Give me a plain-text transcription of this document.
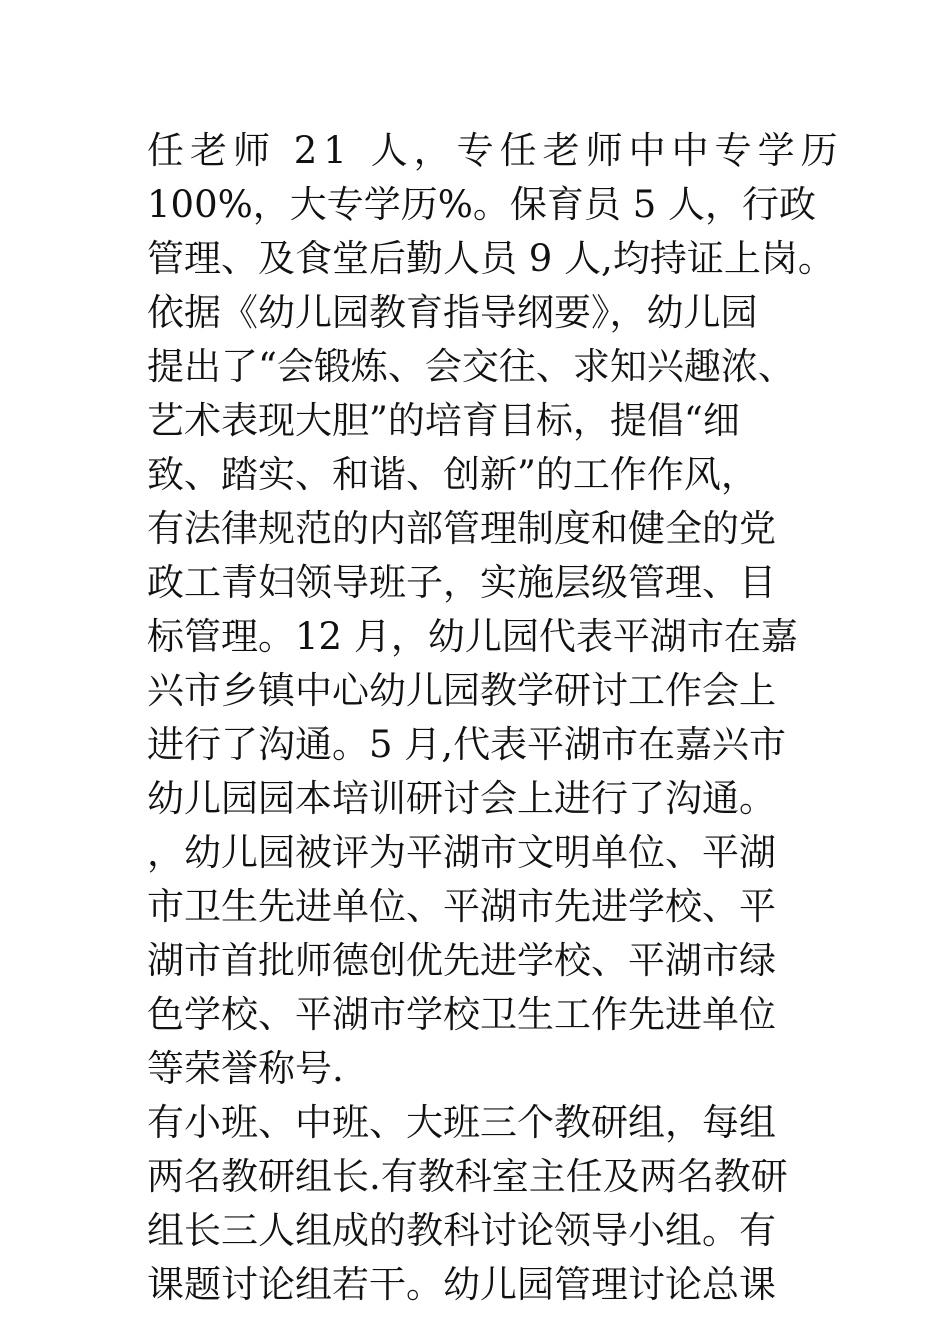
任老师 21 人，专任老师中中专学历

100%，大专学历%。保育员 5 人，行政

管理、及食堂后勤人员 9 人,均持证上岗。

依据《幼儿园教育指导纲要》，幼儿园

提出了“会锻炼、会交往、求知兴趣浓、

艺术表现大胆”的培育目标，提倡“细

致、踏实、和谐、创新”的工作作风，

有法律规范的内部管理制度和健全的党

政工青妇领导班子，实施层级管理、目

标管理。12 月，幼儿园代表平湖市在嘉

兴市乡镇中心幼儿园教学研讨工作会上

进行了沟通。5 月,代表平湖市在嘉兴市

幼儿园园本培训研讨会上进行了沟通。

，幼儿园被评为平湖市文明单位、平湖

市卫生先进单位、平湖市先进学校、平

湖市首批师德创优先进学校、平湖市绿

色学校、平湖市学校卫生工作先进单位

等荣誉称号.

有小班、中班、大班三个教研组，每组

两名教研组长.有教科室主任及两名教研

组长三人组成的教科讨论领导小组。有

课题讨论组若干。幼儿园管理讨论总课
